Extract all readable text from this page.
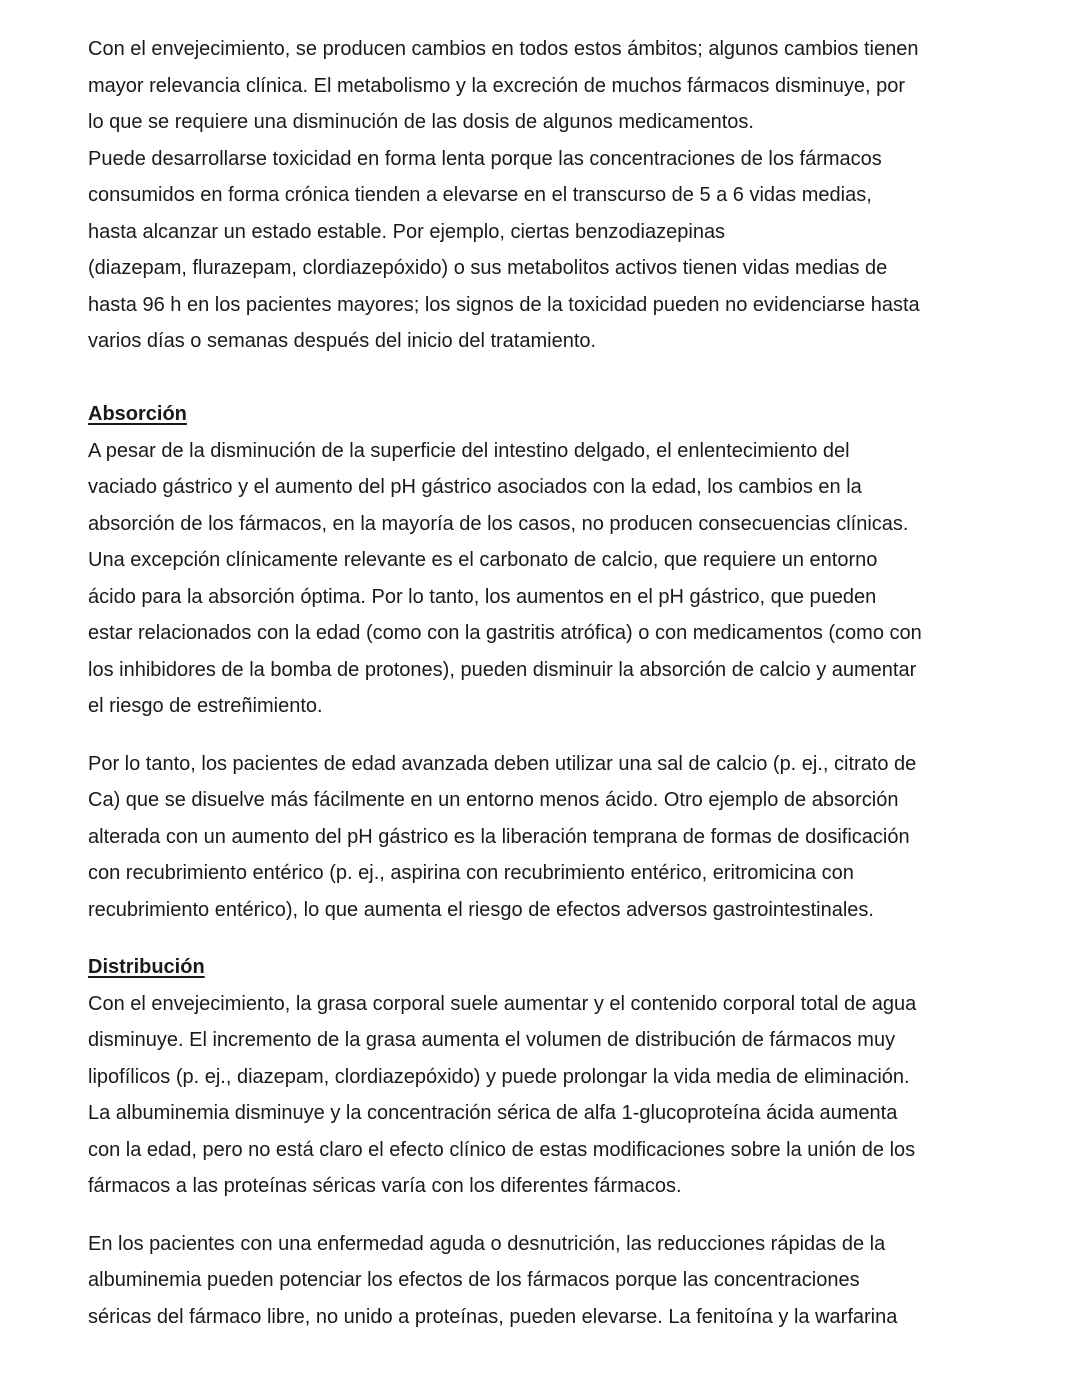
Con el envejecimiento, se producen cambios en todos estos ámbitos; algunos cambios tienen
mayor relevancia clínica. El metabolismo y la excreción de muchos fármacos disminuye, por
lo que se requiere una disminución de las dosis de algunos medicamentos.
Puede desarrollarse toxicidad en forma lenta porque las concentraciones de los fármacos
consumidos en forma crónica tienden a elevarse en el transcurso de 5 a 6 vidas medias,
hasta alcanzar un estado estable. Por ejemplo, ciertas benzodiazepinas
(diazepam, flurazepam, clordiazepóxido) o sus metabolitos activos tienen vidas medias de
hasta 96 h en los pacientes mayores; los signos de la toxicidad pueden no evidenciarse hasta
varios días o semanas después del inicio del tratamiento.
Absorción
A pesar de la disminución de la superficie del intestino delgado, el enlentecimiento del
vaciado gástrico y el aumento del pH gástrico asociados con la edad, los cambios en la
absorción de los fármacos, en la mayoría de los casos, no producen consecuencias clínicas.
Una excepción clínicamente relevante es el carbonato de calcio, que requiere un entorno
ácido para la absorción óptima. Por lo tanto, los aumentos en el pH gástrico, que pueden
estar relacionados con la edad (como con la gastritis atrófica) o con medicamentos (como con
los inhibidores de la bomba de protones), pueden disminuir la absorción de calcio y aumentar
el riesgo de estreñimiento.
Por lo tanto, los pacientes de edad avanzada deben utilizar una sal de calcio (p. ej., citrato de
Ca) que se disuelve más fácilmente en un entorno menos ácido. Otro ejemplo de absorción
alterada con un aumento del pH gástrico es la liberación temprana de formas de dosificación
con recubrimiento entérico (p. ej., aspirina con recubrimiento entérico, eritromicina con
recubrimiento entérico), lo que aumenta el riesgo de efectos adversos gastrointestinales.
Distribución
Con el envejecimiento, la grasa corporal suele aumentar y el contenido corporal total de agua
disminuye. El incremento de la grasa aumenta el volumen de distribución de fármacos muy
lipofílicos (p. ej., diazepam, clordiazepóxido) y puede prolongar la vida media de eliminación.
La albuminemia disminuye y la concentración sérica de alfa 1-glucoproteína ácida aumenta
con la edad, pero no está claro el efecto clínico de estas modificaciones sobre la unión de los
fármacos a las proteínas séricas varía con los diferentes fármacos.
En los pacientes con una enfermedad aguda o desnutrición, las reducciones rápidas de la
albuminemia pueden potenciar los efectos de los fármacos porque las concentraciones
séricas del fármaco libre, no unido a proteínas, pueden elevarse. La fenitoína y la warfarina
